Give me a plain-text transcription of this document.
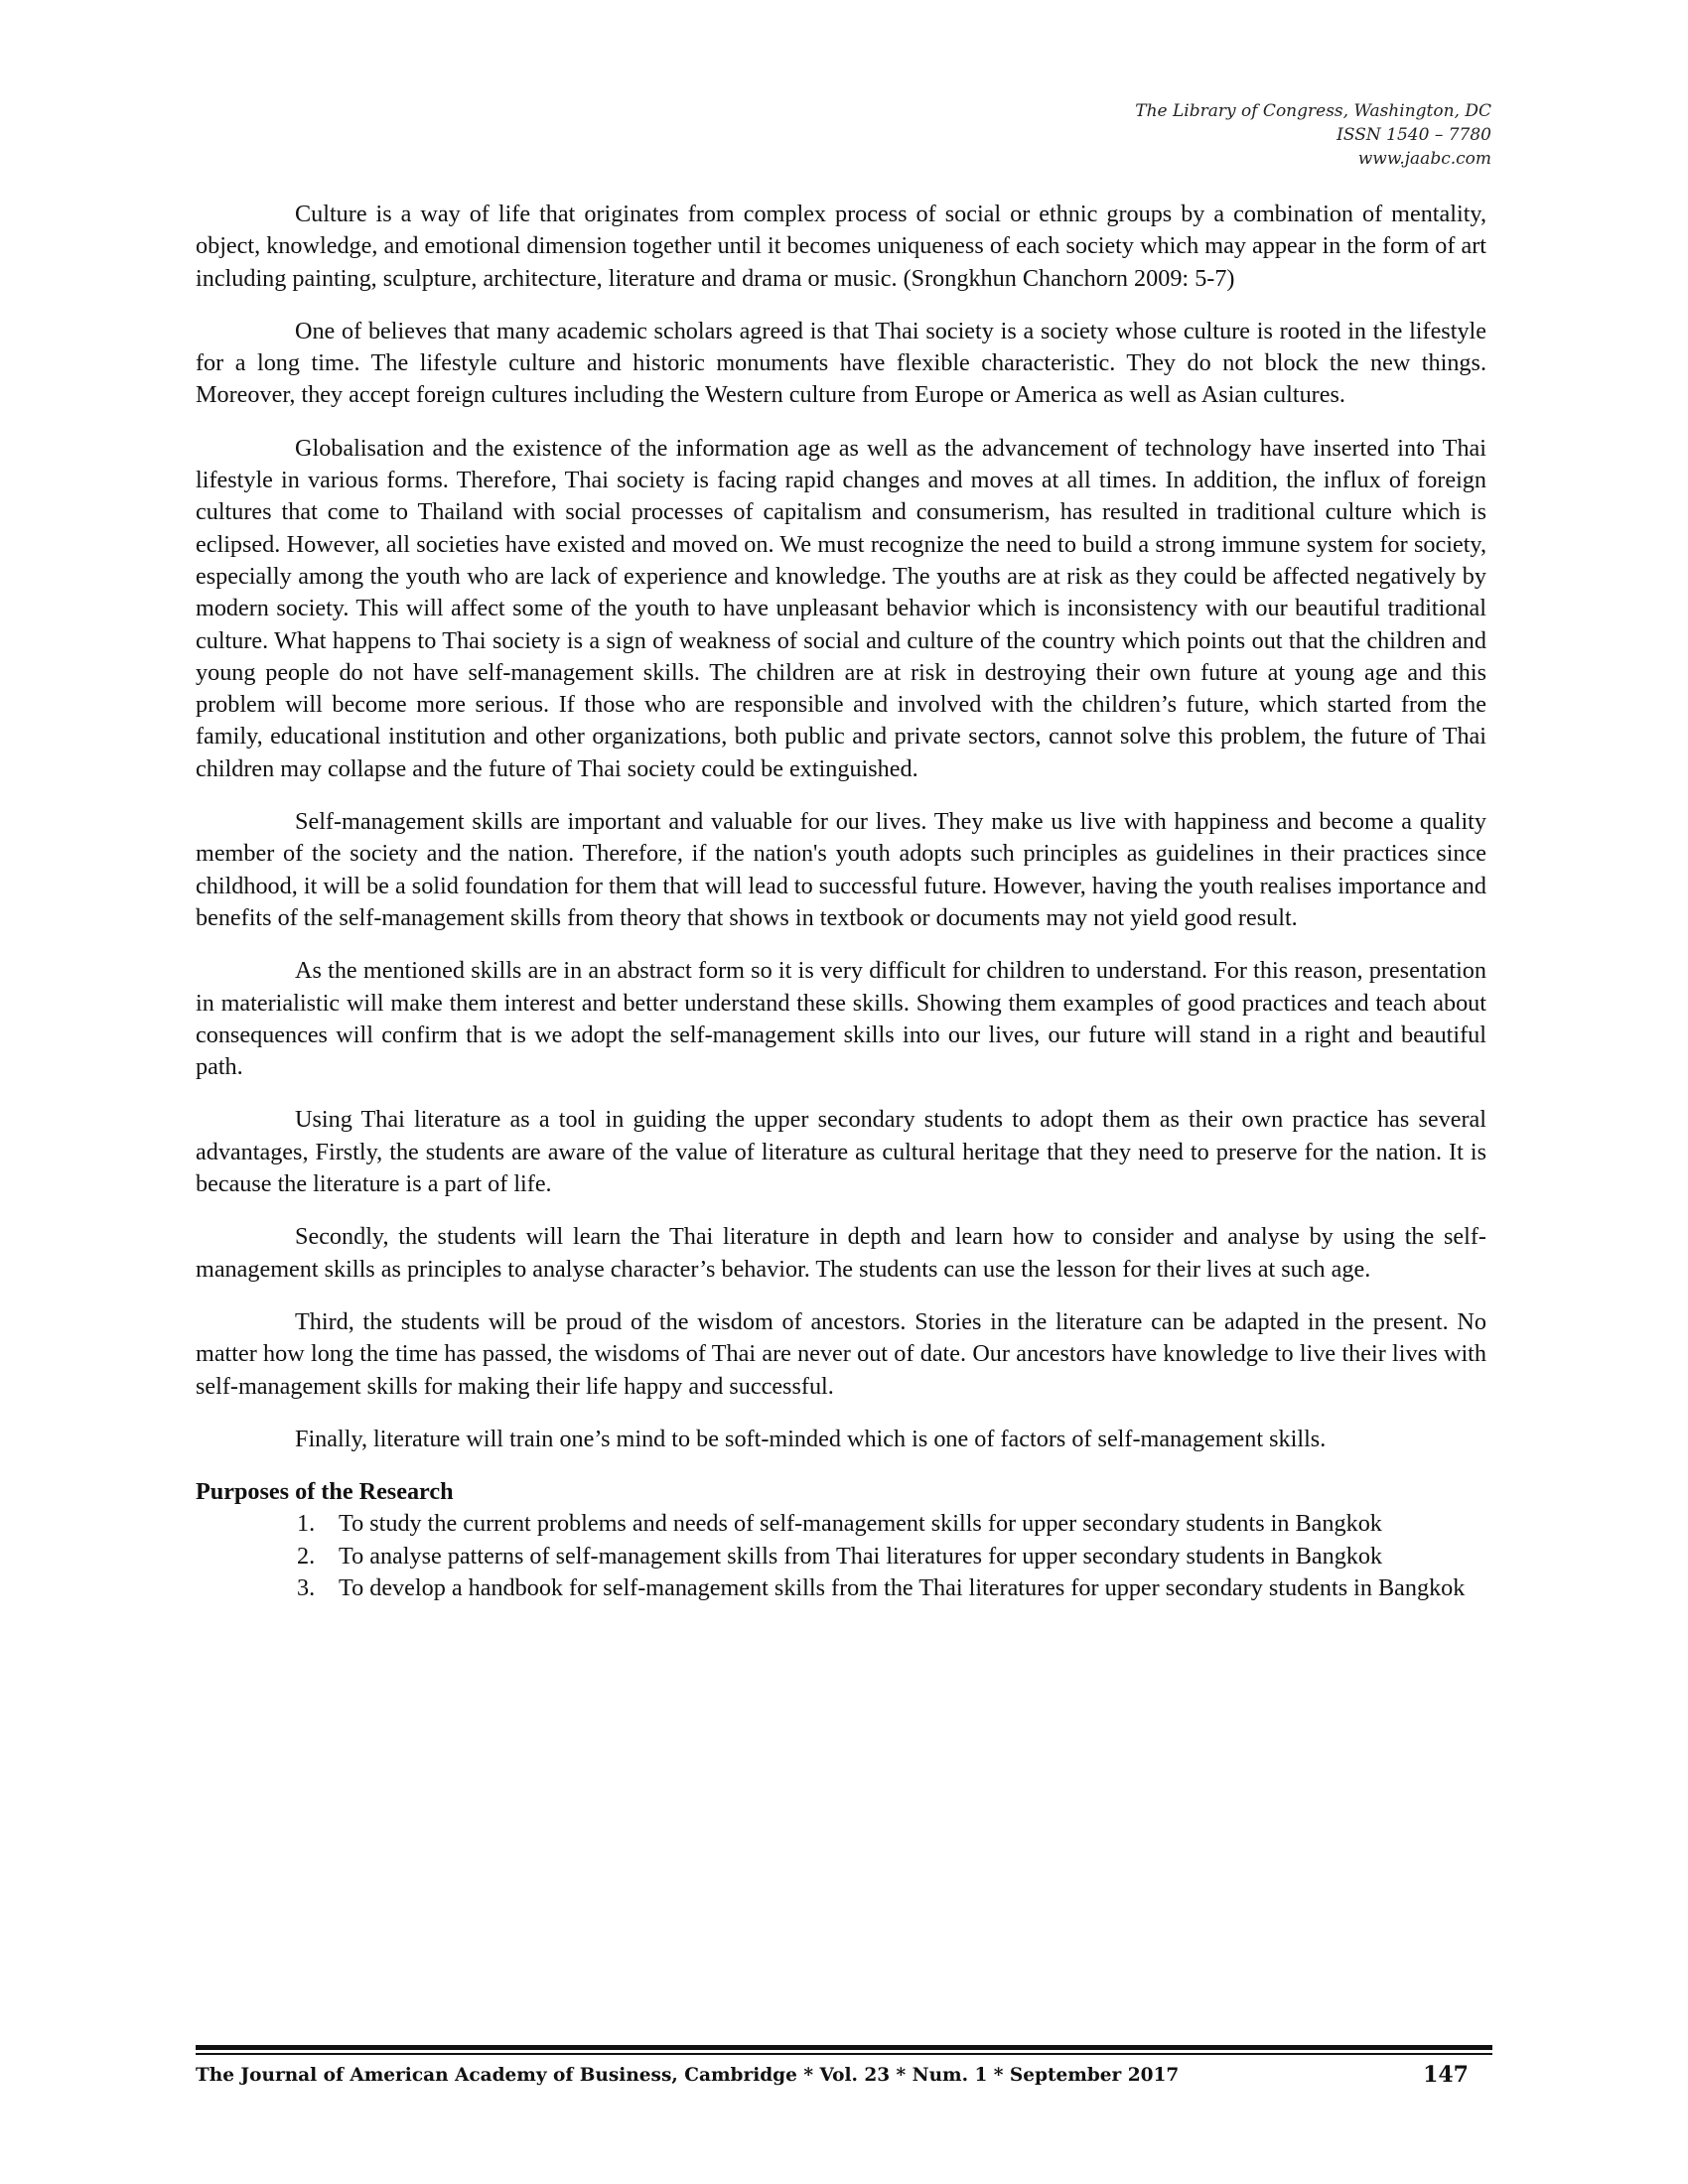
The Library of Congress, Washington, DC
ISSN 1540 – 7780
www.jaabc.com

Culture is a way of life that originates from complex process of social or ethnic groups by a combination of mentality, object, knowledge, and emotional dimension together until it becomes uniqueness of each society which may appear in the form of art including painting, sculpture, architecture, literature and drama or music. (Srongkhun Chanchorn 2009: 5-7)

One of believes that many academic scholars agreed is that Thai society is a society whose culture is rooted in the lifestyle for a long time. The lifestyle culture and historic monuments have flexible characteristic. They do not block the new things. Moreover, they accept foreign cultures including the Western culture from Europe or America as well as Asian cultures.

Globalisation and the existence of the information age as well as the advancement of technology have inserted into Thai lifestyle in various forms. Therefore, Thai society is facing rapid changes and moves at all times. In addition, the influx of foreign cultures that come to Thailand with social processes of capitalism and consumerism, has resulted in traditional culture which is eclipsed. However, all societies have existed and moved on. We must recognize the need to build a strong immune system for society, especially among the youth who are lack of experience and knowledge. The youths are at risk as they could be affected negatively by modern society. This will affect some of the youth to have unpleasant behavior which is inconsistency with our beautiful traditional culture. What happens to Thai society is a sign of weakness of social and culture of the country which points out that the children and young people do not have self-management skills. The children are at risk in destroying their own future at young age and this problem will become more serious. If those who are responsible and involved with the children’s future, which started from the family, educational institution and other organizations, both public and private sectors, cannot solve this problem, the future of Thai children may collapse and the future of Thai society could be extinguished.

Self-management skills are important and valuable for our lives. They make us live with happiness and become a quality member of the society and the nation. Therefore, if the nation's youth adopts such principles as guidelines in their practices since childhood, it will be a solid foundation for them that will lead to successful future. However, having the youth realises importance and benefits of the self-management skills from theory that shows in textbook or documents may not yield good result.

As the mentioned skills are in an abstract form so it is very difficult for children to understand. For this reason, presentation in materialistic will make them interest and better understand these skills. Showing them examples of good practices and teach about consequences will confirm that is we adopt the self-management skills into our lives, our future will stand in a right and beautiful path.

Using Thai literature as a tool in guiding the upper secondary students to adopt them as their own practice has several advantages, Firstly, the students are aware of the value of literature as cultural heritage that they need to preserve for the nation. It is because the literature is a part of life.

Secondly, the students will learn the Thai literature in depth and learn how to consider and analyse by using the self-management skills as principles to analyse character’s behavior. The students can use the lesson for their lives at such age.

Third, the students will be proud of the wisdom of ancestors. Stories in the literature can be adapted in the present. No matter how long the time has passed, the wisdoms of Thai are never out of date. Our ancestors have knowledge to live their lives with self-management skills for making their life happy and successful.

Finally, literature will train one’s mind to be soft-minded which is one of factors of self-management skills.

Purposes of the Research
1. To study the current problems and needs of self-management skills for upper secondary students in Bangkok
2. To analyse patterns of self-management skills from Thai literatures for upper secondary students in Bangkok
3. To develop a handbook for self-management skills from the Thai literatures for upper secondary students in Bangkok
The Journal of American Academy of Business, Cambridge * Vol. 23 * Num. 1 * September 2017	147
